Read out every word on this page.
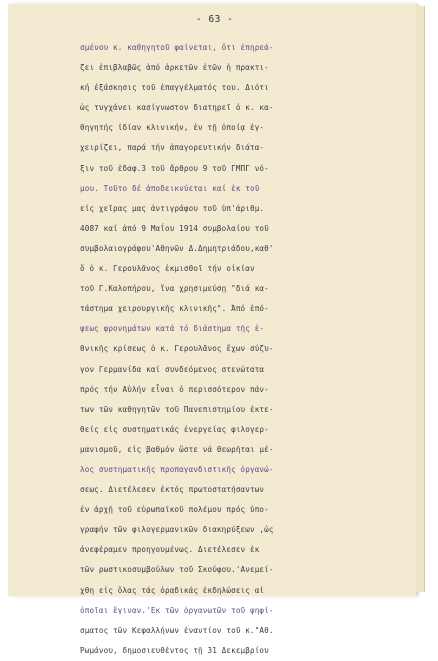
- 63 -
σμένου κ. καθηγητοῦ φαίνεται, ὅτι ἐπηρεά-
ζει ἐπιβλαβῶς ἀπό ἀρκετῶν ἐτῶν ἡ πρακτι-
κή ἐξάσκησις τοῦ ἐπαγγέλματός του. Διότι
ὡς τυγχάνει κασίγνωστον διατηρεῖ ὁ κ. κα-
θηγητής ἰδίαν κλινικήν, ἐν τῇ ὁποίᾳ ἐγ-
χειρίζει, παρά τήν ἀπαγορευτικήν διάτα-
ξιν τοῦ ἐδαφ.3 τοῦ ἄρθρου 9 τοῦ ΓΜΠΓ νό-
μου. Τοῦτο δέ ἀποδεικνύεται καί ἐκ τοῦ
εἰς χεῖρας μας ἀντιγράφου τοῦ ὑπ'ἀριθμ.
4087 καί ἀπό 9 Μαΐου 1914 συμβολαίου τοῦ
συμβολαιογράφου'Αθηνῶν Δ.Δημητριάδου,καθ'
ὅ ὁ κ. Γερουλᾶνος ἐκμισθοῖ τήν οἰκίαν
τοῦ Γ.Καλοπήρου, ἵνα χρησιμεύσῃ "διά κα-
τάστημα χειρουργικῆς κλινικῆς". Ἀπό ἐπό-
ψεως φρονημάτων κατά τό διάστημα τῆς ἐ-
θνικῆς κρίσεως ὁ κ. Γερουλᾶνος ἔχων σύζυ-
γον Γερμανίδα καί συνδεόμενος στενώτατα
πρός τήν Αὐλήν εἶναι ὁ περισσότερον πάν-
των τῶν καθηγητῶν τοῦ Πανεπιστημίου ἐκτε-
θείς εἰς συστηματικάς ἐνεργείας φιλογερ-
μανισμοῦ, εἰς βαθμόν ὥστε νά θεωρῆται μέ-
λος συστηματικῆς προπαγανδιστικῆς ὀργανώ-
σεως. Διετέλεσεν ἐκτός πρωτοστατήσαντων
ἐν ἀρχῇ τοῦ εὐρωπαϊκοῦ πολέμου πρός ὑπο-
γραφήν τῶν φιλογερμανικῶν διακηρύξεων ,ὡς
ἀνεφέραμεν προηγουμένως. Διετέλεσεν ἐκ
τῶν ρωστικοσυμβούλων τοῦ Σκούφου.'Ανεμεί-
χθη εἰς ὅλας τάς ὁραδικάς ἐκδηλώσεις αἱ
ὁποῖαι ἔγιναν.'Εκ τῶν ὀργανωτῶν τοῦ ψηφί-
σματος τῶν Κεφαλλήνων ἐναντίον τοῦ κ."Αθ.
Ῥωμάνου, δημοσιευθέντος τῇ 31 Δεκεμβρίου
